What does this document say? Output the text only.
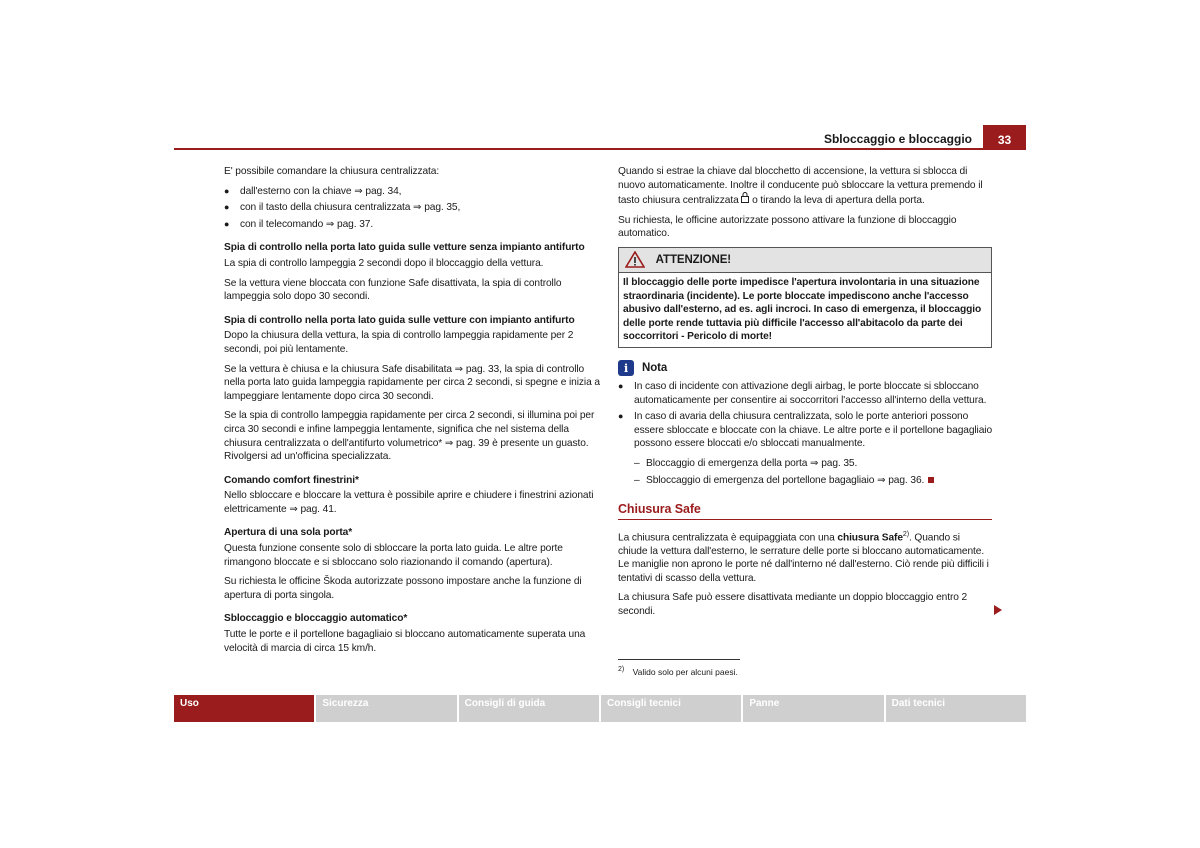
Sbloccaggio e bloccaggio	33

E' possibile comandare la chiusura centralizzata:

● dall'esterno con la chiave ⇒ pag. 34,
● con il tasto della chiusura centralizzata ⇒ pag. 35,
● con il telecomando ⇒ pag. 37.
Spia di controllo nella porta lato guida sulle vetture senza impianto antifurto

La spia di controllo lampeggia 2 secondi dopo il bloccaggio della vettura.

Se la vettura viene bloccata con funzione Safe disattivata, la spia di controllo lampeggia solo dopo 30 secondi.

Spia di controllo nella porta lato guida sulle vetture con impianto antifurto

Dopo la chiusura della vettura, la spia di controllo lampeggia rapidamente per 2 secondi, poi più lentamente.

Se la vettura è chiusa e la chiusura Safe disabilitata ⇒ pag. 33, la spia di controllo nella porta lato guida lampeggia rapidamente per circa 2 secondi, si spegne e inizia a lampeggiare lentamente dopo circa 30 secondi.

Se la spia di controllo lampeggia rapidamente per circa 2 secondi, si illumina poi per circa 30 secondi e infine lampeggia lentamente, significa che nel sistema della chiusura centralizzata o dell'antifurto volumetrico* ⇒ pag. 39 è presente un guasto. Rivolgersi ad un'officina specializzata.

Comando comfort finestrini*

Nello sbloccare e bloccare la vettura è possibile aprire e chiudere i finestrini azionati elettricamente ⇒ pag. 41.

Apertura di una sola porta*

Questa funzione consente solo di sbloccare la porta lato guida. Le altre porte rimangono bloccate e si sbloccano solo riazionando il comando (apertura).

Su richiesta le officine Škoda autorizzate possono impostare anche la funzione di apertura di porta singola.

Sbloccaggio e bloccaggio automatico*

Tutte le porte e il portellone bagagliaio si bloccano automaticamente superata una velocità di marcia di circa 15 km/h.

Quando si estrae la chiave dal blocchetto di accensione, la vettura si sblocca di nuovo automaticamente. Inoltre il conducente può sbloccare la vettura premendo il tasto chiusura centralizzata o tirando la leva di apertura della porta.

Su richiesta, le officine autorizzate possono attivare la funzione di bloccaggio automatico.

ATTENZIONE!
Il bloccaggio delle porte impedisce l'apertura involontaria in una situazione straordinaria (incidente). Le porte bloccate impediscono anche l'accesso abusivo dall'esterno, ad es. agli incroci. In caso di emergenza, il bloccaggio delle porte rende tuttavia più difficile l'accesso all'abitacolo da parte dei soccorritori - Pericolo di morte!
i Nota
● In caso di incidente con attivazione degli airbag, le porte bloccate si sbloccano automaticamente per consentire ai soccorritori l'accesso all'interno della vettura.
● In caso di avaria della chiusura centralizzata, solo le porte anteriori possono essere sbloccate e bloccate con la chiave. Le altre porte e il portellone bagagliaio possono essere bloccati e/o sbloccati manualmente.
– Bloccaggio di emergenza della porta ⇒ pag. 35.
– Sbloccaggio di emergenza del portellone bagagliaio ⇒ pag. 36.
Chiusura Safe

La chiusura centralizzata è equipaggiata con una chiusura Safe$^{2)}$. Quando si chiude la vettura dall'esterno, le serrature delle porte si bloccano automaticamente. Le maniglie non aprono le porte né dall'interno né dall'esterno. Ciò rende più difficili i tentativi di scasso della vettura.

La chiusura Safe può essere disattivata mediante un doppio bloccaggio entro 2 secondi.

$^{2)}$ Valido solo per alcuni paesi.
Uso	Sicurezza	Consigli di guida	Consigli tecnici	Panne	Dati tecnici
